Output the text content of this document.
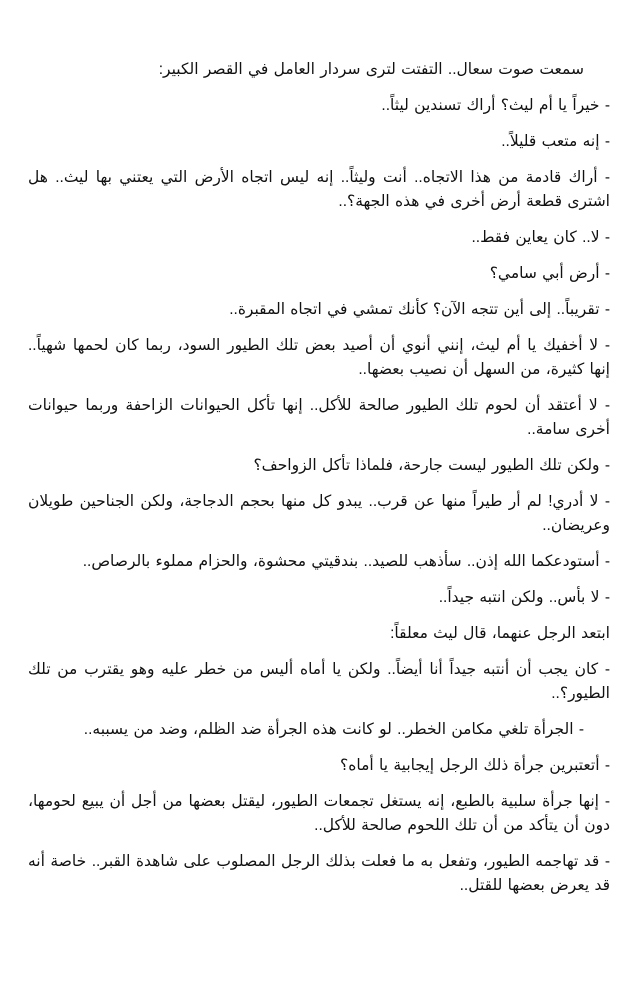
سمعت صوت سعال.. التفتت لترى سردار العامل في القصر الكبير:

- خيراً يا أم ليث؟ أراك تسندين ليثاً..

- إنه متعب قليلاً..

- أراك قادمة من هذا الاتجاه.. أنت وليثاً.. إنه ليس اتجاه الأرض التي يعتني بها ليث.. هل اشترى قطعة أرض أخرى في هذه الجهة؟..

- لا.. كان يعاين فقط..

- أرض أبي سامي؟

- تقريباً.. إلى أين تتجه الآن؟ كأنك تمشي في اتجاه المقبرة..

- لا أخفيك يا أم ليث، إنني أنوي أن أصيد بعض تلك الطيور السود، ربما كان لحمها شهياً.. إنها كثيرة، من السهل أن نصيب بعضها..

- لا أعتقد أن لحوم تلك الطيور صالحة للأكل.. إنها تأكل الحيوانات الزاحفة وربما حيوانات أخرى سامة..

- ولكن تلك الطيور ليست جارحة، فلماذا تأكل الزواحف؟

- لا أدري! لم أر طيراً منها عن قرب.. يبدو كل منها بحجم الدجاجة، ولكن الجناحين طويلان وعريضان..

- أستودعكما الله إذن.. سأذهب للصيد.. بندقيتي محشوة، والحزام مملوء بالرصاص..

- لا بأس.. ولكن انتبه جيداً..

ابتعد الرجل عنهما، قال ليث معلقاً:

- كان يجب أن أنتبه جيداً أنا أيضاً.. ولكن يا أماه أليس من خطر عليه وهو يقترب من تلك الطيور؟..

- الجرأة تلغي مكامن الخطر.. لو كانت هذه الجرأة ضد الظلم، وضد من يسببه..

- أتعتبرين جرأة ذلك الرجل إيجابية يا أماه؟

- إنها جرأة سلبية بالطبع، إنه يستغل تجمعات الطيور، ليقتل بعضها من أجل أن يبيع لحومها، دون أن يتأكد من أن تلك اللحوم صالحة للأكل..

- قد تهاجمه الطيور، وتفعل به ما فعلت بذلك الرجل المصلوب على شاهدة القبر.. خاصة أنه قد يعرض بعضها للقتل..
